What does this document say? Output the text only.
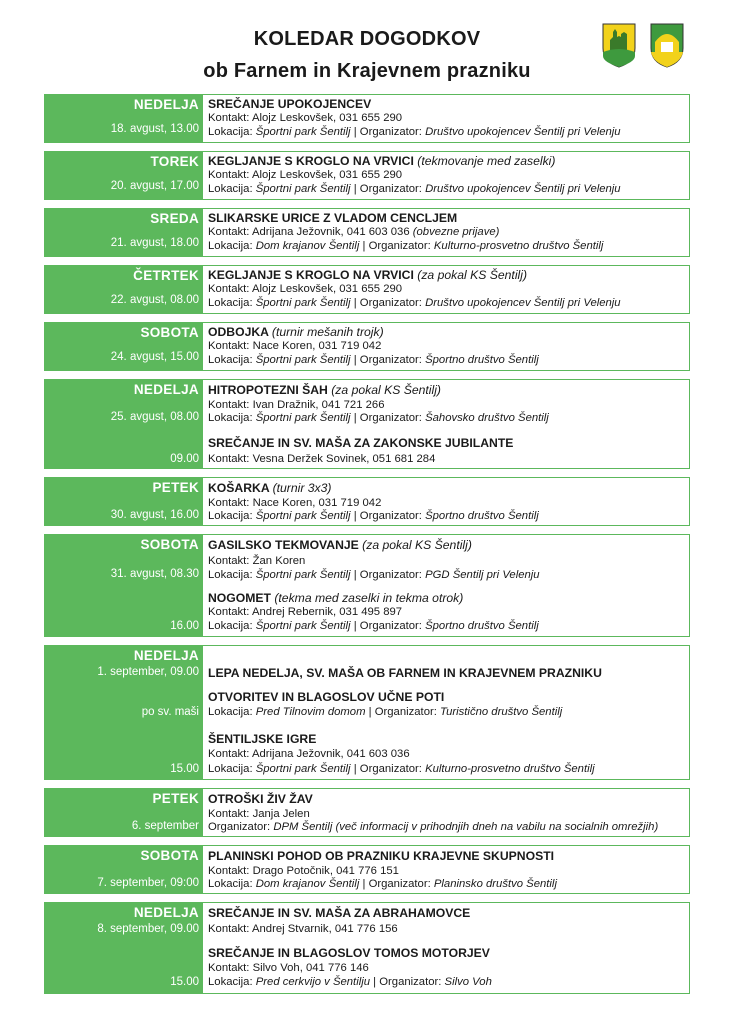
KOLEDAR DOGODKOV
ob Farnem in Krajevnem prazniku
NEDELJA
18. avgust, 13.00
SREČANJE UPOKOJENCEV
Kontakt: Alojz Leskovšek, 031 655 290
Lokacija: Športni park Šentilj | Organizator: Društvo upokojencev Šentilj pri Velenju
TOREK
20. avgust, 17.00
KEGLJANJE S KROGLO NA VRVICI (tekmovanje med zaselki)
Kontakt: Alojz Leskovšek, 031 655 290
Lokacija: Športni park Šentilj | Organizator: Društvo upokojencev Šentilj pri Velenju
SREDA
21. avgust, 18.00
SLIKARSKE URICE Z VLADOM CENCLJEM
Kontakt: Adrijana Ježovnik, 041 603 036 (obvezne prijave)
Lokacija: Dom krajanov Šentilj | Organizator: Kulturno-prosvetno društvo Šentilj
ČETRTEK
22. avgust, 08.00
KEGLJANJE S KROGLO NA VRVICI (za pokal KS Šentilj)
Kontakt: Alojz Leskovšek, 031 655 290
Lokacija: Športni park Šentilj | Organizator: Društvo upokojencev Šentilj pri Velenju
SOBOTA
24. avgust, 15.00
ODBOJKA (turnir mešanih trojk)
Kontakt: Nace Koren, 031 719 042
Lokacija: Športni park Šentilj | Organizator: Športno društvo Šentilj
NEDELJA
25. avgust, 08.00
09.00
HITROPOTEZNI ŠAH (za pokal KS Šentilj)
Kontakt: Ivan Dražnik, 041 721 266
Lokacija: Športni park Šentilj | Organizator: Šahovsko društvo Šentilj
SREČANJE IN SV. MAŠA ZA ZAKONSKE JUBILANTE
Kontakt: Vesna Deržek Sovinek, 051 681 284
PETEK
30. avgust, 16.00
KOŠARKA (turnir 3x3)
Kontakt: Nace Koren, 031 719 042
Lokacija: Športni park Šentilj | Organizator: Športno društvo Šentilj
SOBOTA
31. avgust, 08.30
16.00
GASILSKO TEKMOVANJE (za pokal KS Šentilj)
Kontakt: Žan Koren
Lokacija: Športni park Šentilj | Organizator: PGD Šentilj pri Velenju
NOGOMET (tekma med zaselki in tekma otrok)
Kontakt: Andrej Rebernik, 031 495 897
Lokacija: Športni park Šentilj | Organizator: Športno društvo Šentilj
NEDELJA
1. september, 09.00
po sv. maši
15.00
LEPA NEDELJA, SV. MAŠA OB FARNEM IN KRAJEVNEM PRAZNIKU
OTVORITEV IN BLAGOSLOV UČNE POTI
Lokacija: Pred Tilnovim domom | Organizator: Turistično društvo Šentilj
ŠENTILJSKE IGRE
Kontakt: Adrijana Ježovnik, 041 603 036
Lokacija: Športni park Šentilj | Organizator: Kulturno-prosvetno društvo Šentilj
PETEK
6. september
OTROŠKI ŽIV ŽAV
Kontakt: Janja Jelen
Organizator: DPM Šentilj (več informacij v prihodnjih dneh na vabilu na socialnih omrežjih)
SOBOTA
7. september, 09:00
PLANINSKI POHOD OB PRAZNIKU KRAJEVNE SKUPNOSTI
Kontakt: Drago Potočnik, 041 776 151
Lokacija: Dom krajanov Šentilj | Organizator: Planinsko društvo Šentilj
NEDELJA
8. september, 09.00
15.00
SREČANJE IN SV. MAŠA ZA ABRAHAMOVCE
Kontakt: Andrej Stvarnik, 041 776 156
SREČANJE IN BLAGOSLOV TOMOS MOTORJEV
Kontakt: Silvo Voh, 041 776 146
Lokacija: Pred cerkvijo v Šentilju | Organizator: Silvo Voh
